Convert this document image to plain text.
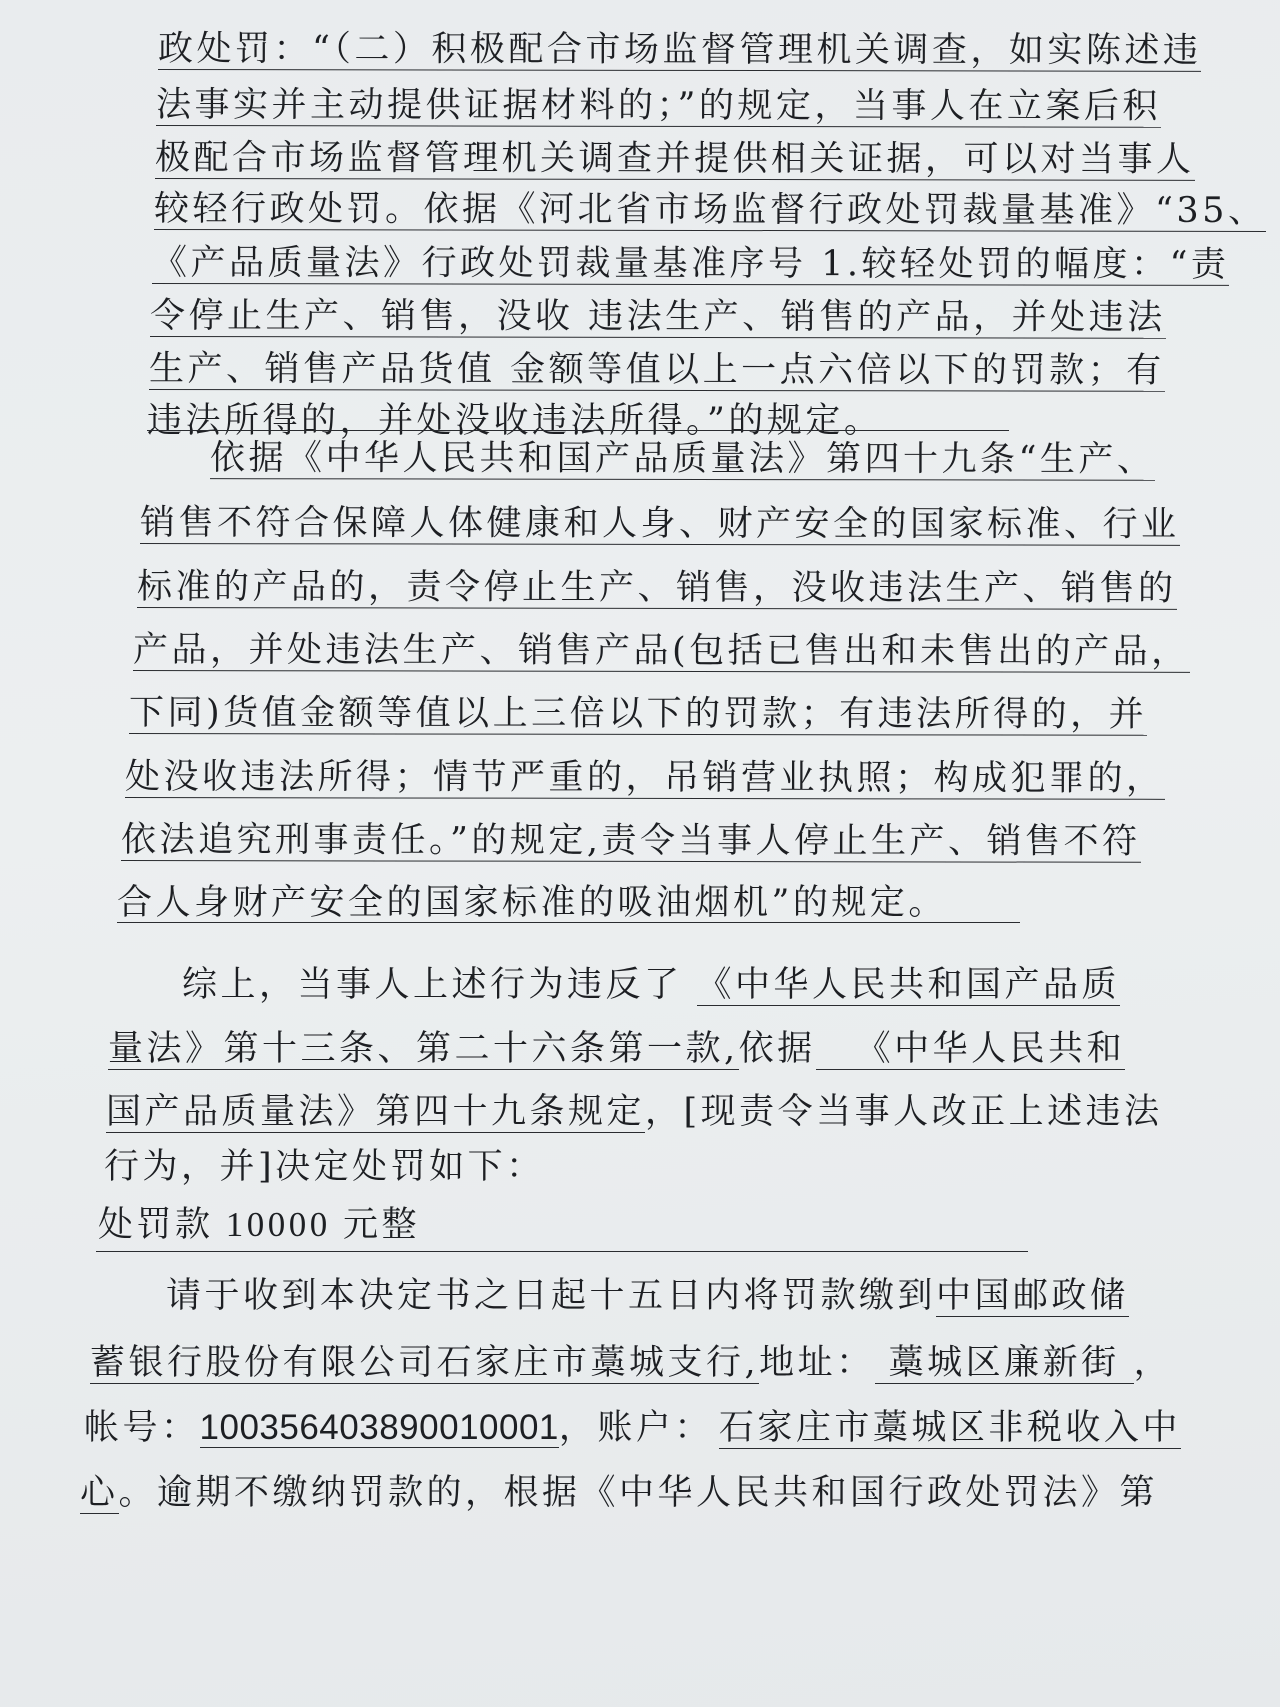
政处罚：“（二）积极配合市场监督管理机关调查，如实陈述违
法事实并主动提供证据材料的；”的规定，当事人在立案后积
极配合市场监督管理机关调查并提供相关证据，可以对当事人
较轻行政处罚。依据《河北省市场监督行政处罚裁量基准》“35、
《产品质量法》行政处罚裁量基准序号 1.较轻处罚的幅度：“责
令停止生产、销售，没收 违法生产、销售的产品，并处违法
生产、销售产品货值 金额等值以上一点六倍以下的罚款；有
违法所得的，并处没收违法所得。”的规定。
依据《中华人民共和国产品质量法》第四十九条“生产、
销售不符合保障人体健康和人身、财产安全的国家标准、行业
标准的产品的，责令停止生产、销售，没收违法生产、销售的
产品，并处违法生产、销售产品(包括已售出和未售出的产品，
下同)货值金额等值以上三倍以下的罚款；有违法所得的，并
处没收违法所得；情节严重的，吊销营业执照；构成犯罪的，
依法追究刑事责任。”的规定,责令当事人停止生产、销售不符
合人身财产安全的国家标准的吸油烟机”的规定。
综上，当事人上述行为违反了 《中华人民共和国产品质
量法》第十三条、第二十六条第一款,依据 《中华人民共和
国产品质量法》第四十九条规定，[现责令当事人改正上述违法
行为，并]决定处罚如下：
处罚款 10000 元整
请于收到本决定书之日起十五日内将罚款缴到中国邮政储
蓄银行股份有限公司石家庄市藁城支行,地址： 藁城区廉新街 ，
帐号：100356403890010001，账户： 石家庄市藁城区非税收入中
心。逾期不缴纳罚款的，根据《中华人民共和国行政处罚法》第
